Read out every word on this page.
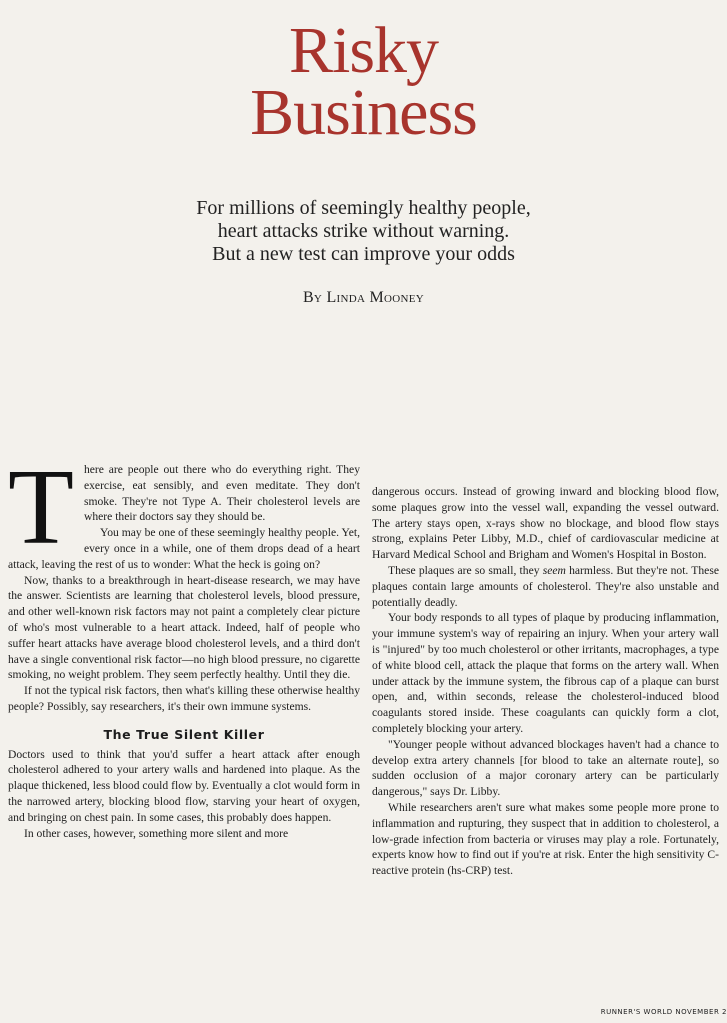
Risky
Business
For millions of seemingly healthy people,
heart attacks strike without warning.
But a new test can improve your odds
By Linda Mooney

There are people out there who do everything right. They exercise, eat sensibly, and even meditate. They don't smoke. They're not Type A. Their cholesterol levels are where their doctors say they should be.

You may be one of these seemingly healthy people. Yet, every once in a while, one of them drops dead of a heart attack, leaving the rest of us to wonder: What the heck is going on?

Now, thanks to a breakthrough in heart-disease research, we may have the answer. Scientists are learning that cholesterol levels, blood pressure, and other well-known risk factors may not paint a completely clear picture of who's most vulnerable to a heart attack. Indeed, half of people who suffer heart attacks have average blood cholesterol levels, and a third don't have a single conventional risk factor—no high blood pressure, no cigarette smoking, no weight problem. They seem perfectly healthy. Until they die.

If not the typical risk factors, then what's killing these otherwise healthy people? Possibly, say researchers, it's their own immune systems.

The True Silent Killer

Doctors used to think that you'd suffer a heart attack after enough cholesterol adhered to your artery walls and hardened into plaque. As the plaque thickened, less blood could flow by. Eventually a clot would form in the narrowed artery, blocking blood flow, starving your heart of oxygen, and bringing on chest pain. In some cases, this probably does happen.

In other cases, however, something more silent and more

dangerous occurs. Instead of growing inward and blocking blood flow, some plaques grow into the vessel wall, expanding the vessel outward. The artery stays open, x-rays show no blockage, and blood flow stays strong, explains Peter Libby, M.D., chief of cardiovascular medicine at Harvard Medical School and Brigham and Women's Hospital in Boston.

These plaques are so small, they seem harmless. But they're not. These plaques contain large amounts of cholesterol. They're also unstable and potentially deadly.

Your body responds to all types of plaque by producing inflammation, your immune system's way of repairing an injury. When your artery wall is "injured" by too much cholesterol or other irritants, macrophages, a type of white blood cell, attack the plaque that forms on the artery wall. When under attack by the immune system, the fibrous cap of a plaque can burst open, and, within seconds, release the cholesterol-induced blood coagulants stored inside. These coagulants can quickly form a clot, completely blocking your artery.

"Younger people without advanced blockages haven't had a chance to develop extra artery channels [for blood to take an alternate route], so sudden occlusion of a major coronary artery can be particularly dangerous," says Dr. Libby.

While researchers aren't sure what makes some people more prone to inflammation and rupturing, they suspect that in addition to cholesterol, a low-grade infection from bacteria or viruses may play a role. Fortunately, experts know how to find out if you're at risk. Enter the high sensitivity C-reactive protein (hs-CRP) test.

RUNNER'S WORLD NOVEMBER 2
